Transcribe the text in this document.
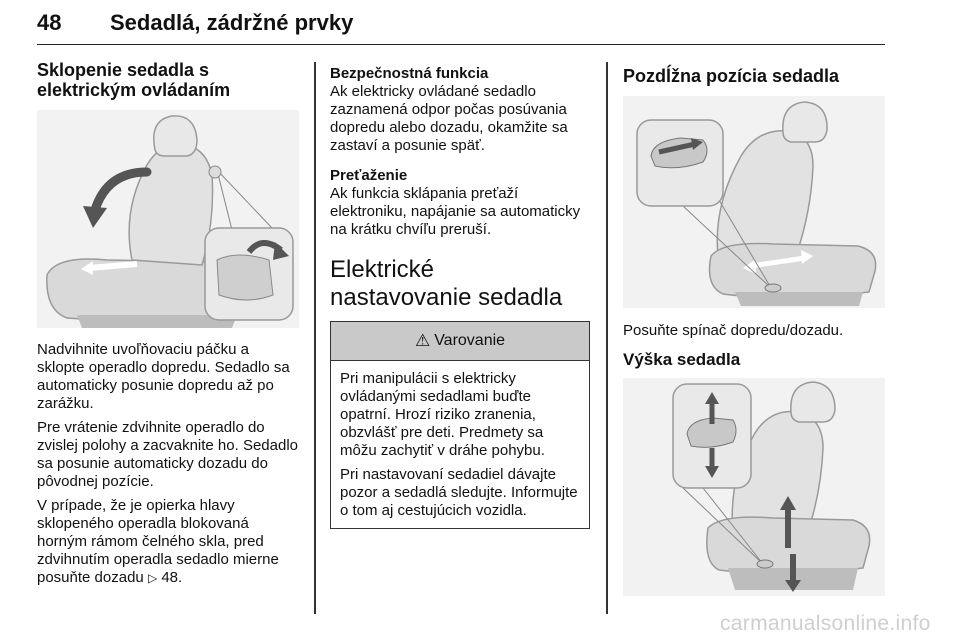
48 Sedadlá, zádržné prvky
Sklopenie sedadla s elektrickým ovládaním

Nadvihnite uvoľňovaciu páčku a sklopte operadlo dopredu. Sedadlo sa automaticky posunie dopredu až po zarážku.

Pre vrátenie zdvihnite operadlo do zvislej polohy a zacvaknite ho. Sedadlo sa posunie automaticky dozadu do pôvodnej pozície.

V prípade, že je opierka hlavy sklopeného operadla blokovaná horným rámom čelného skla, pred zdvihnutím operadla sedadlo mierne posuňte dozadu ▷ 48.

Bezpečnostná funkcia

Ak elektricky ovládané sedadlo zaznamená odpor počas posúvania dopredu alebo dozadu, okamžite sa zastaví a posunie späť.

Preťaženie

Ak funkcia sklápania preťaží elektroniku, napájanie sa automaticky na krátku chvíľu preruší.

Elektrické nastavovanie sedadla
⚠ Varovanie

Pri manipulácii s elektricky ovládanými sedadlami buďte opatrní. Hrozí riziko zranenia, obzvlášť pre deti. Predmety sa môžu zachytiť v dráhe pohybu.

Pri nastavovaní sedadiel dávajte pozor a sedadlá sledujte. Informujte o tom aj cestujúcich vozidla.

Pozdĺžna pozícia sedadla

Posuňte spínač dopredu/dozadu.

Výška sedadla
carmanualsonline.info
